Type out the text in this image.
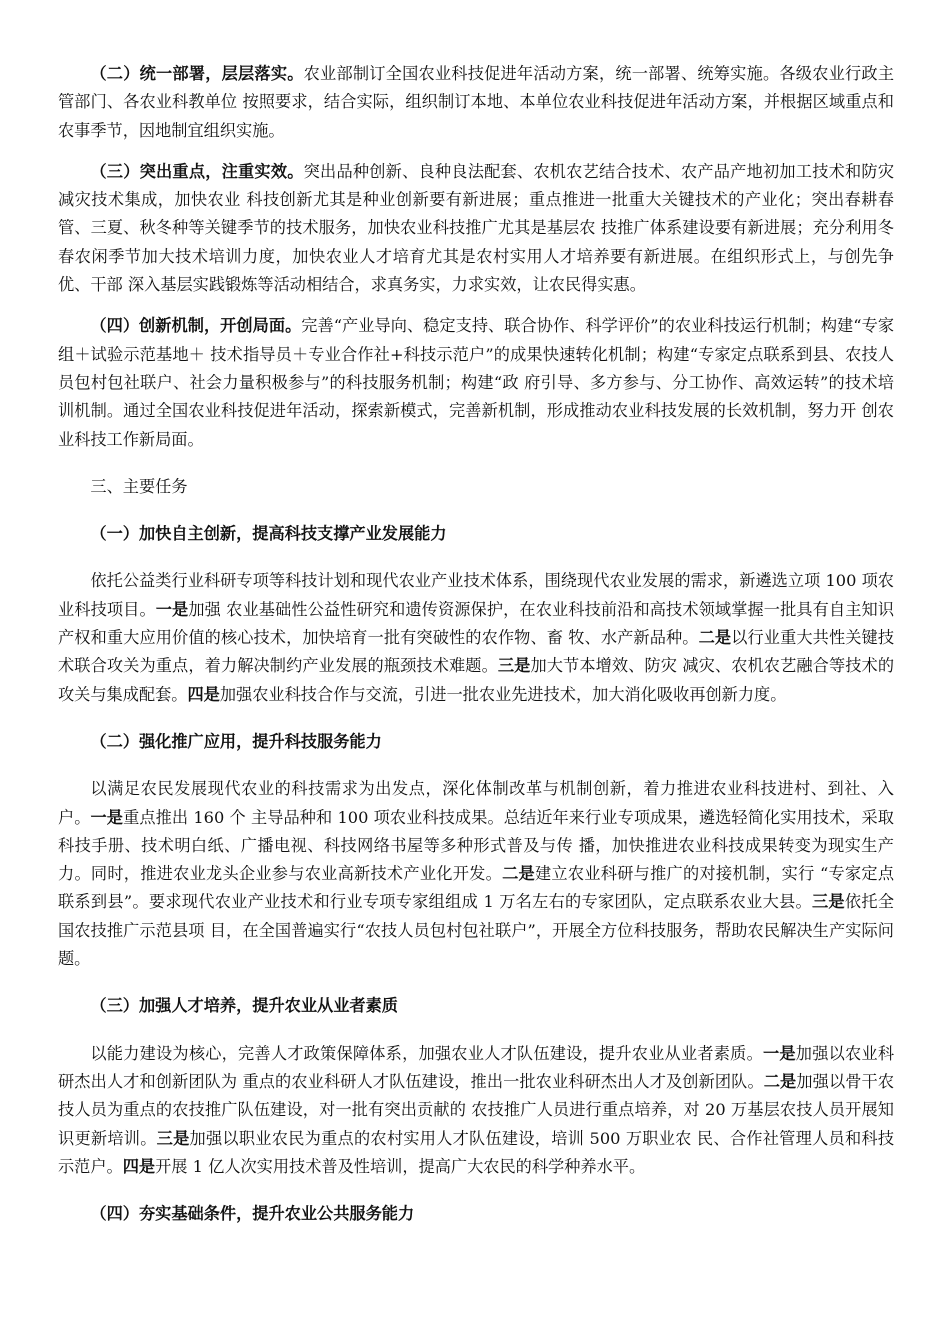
（二）统一部署，层层落实。农业部制订全国农业科技促进年活动方案，统一部署、统筹实施。各级农业行政主管部门、各农业科教单位 按照要求，结合实际，组织制订本地、本单位农业科技促进年活动方案，并根据区域重点和农事季节，因地制宜组织实施。

（三）突出重点，注重实效。突出品种创新、良种良法配套、农机农艺结合技术、农产品产地初加工技术和防灾减灾技术集成，加快农业 科技创新尤其是种业创新要有新进展；重点推进一批重大关键技术的产业化；突出春耕春管、三夏、秋冬种等关键季节的技术服务，加快农业科技推广尤其是基层农 技推广体系建设要有新进展；充分利用冬春农闲季节加大技术培训力度，加快农业人才培育尤其是农村实用人才培养要有新进展。在组织形式上，与创先争优、干部 深入基层实践锻炼等活动相结合，求真务实，力求实效，让农民得实惠。

（四）创新机制，开创局面。完善“产业导向、稳定支持、联合协作、科学评价”的农业科技运行机制；构建“专家组＋试验示范基地＋ 技术指导员＋专业合作社+科技示范户”的成果快速转化机制；构建“专家定点联系到县、农技人员包村包社联户、社会力量积极参与”的科技服务机制；构建“政 府引导、多方参与、分工协作、高效运转”的技术培训机制。通过全国农业科技促进年活动，探索新模式，完善新机制，形成推动农业科技发展的长效机制，努力开 创农业科技工作新局面。

三、主要任务

（一）加快自主创新，提高科技支撑产业发展能力

依托公益类行业科研专项等科技计划和现代农业产业技术体系，围绕现代农业发展的需求，新遴选立项 100 项农业科技项目。一是加强 农业基础性公益性研究和遗传资源保护，在农业科技前沿和高技术领域掌握一批具有自主知识产权和重大应用价值的核心技术，加快培育一批有突破性的农作物、畜 牧、水产新品种。二是以行业重大共性关键技术联合攻关为重点，着力解决制约产业发展的瓶颈技术难题。三是加大节本增效、防灾 减灾、农机农艺融合等技术的攻关与集成配套。四是加强农业科技合作与交流，引进一批农业先进技术，加大消化吸收再创新力度。

（二）强化推广应用，提升科技服务能力

以满足农民发展现代农业的科技需求为出发点，深化体制改革与机制创新，着力推进农业科技进村、到社、入户。一是重点推出 160 个 主导品种和 100 项农业科技成果。总结近年来行业专项成果，遴选轻简化实用技术，采取科技手册、技术明白纸、广播电视、科技网络书屋等多种形式普及与传 播，加快推进农业科技成果转变为现实生产力。同时，推进农业龙头企业参与农业高新技术产业化开发。二是建立农业科研与推广的对接机制，实行 “专家定点联系到县”。要求现代农业产业技术和行业专项专家组组成 1 万名左右的专家团队，定点联系农业大县。三是依托全国农技推广示范县项 目，在全国普遍实行“农技人员包村包社联户”，开展全方位科技服务，帮助农民解决生产实际问题。

（三）加强人才培养，提升农业从业者素质

以能力建设为核心，完善人才政策保障体系，加强农业人才队伍建设，提升农业从业者素质。一是加强以农业科研杰出人才和创新团队为 重点的农业科研人才队伍建设，推出一批农业科研杰出人才及创新团队。二是加强以骨干农技人员为重点的农技推广队伍建设，对一批有突出贡献的 农技推广人员进行重点培养，对 20 万基层农技人员开展知识更新培训。三是加强以职业农民为重点的农村实用人才队伍建设，培训 500 万职业农 民、合作社管理人员和科技示范户。四是开展 1 亿人次实用技术普及性培训，提高广大农民的科学种养水平。

（四）夯实基础条件，提升农业公共服务能力
